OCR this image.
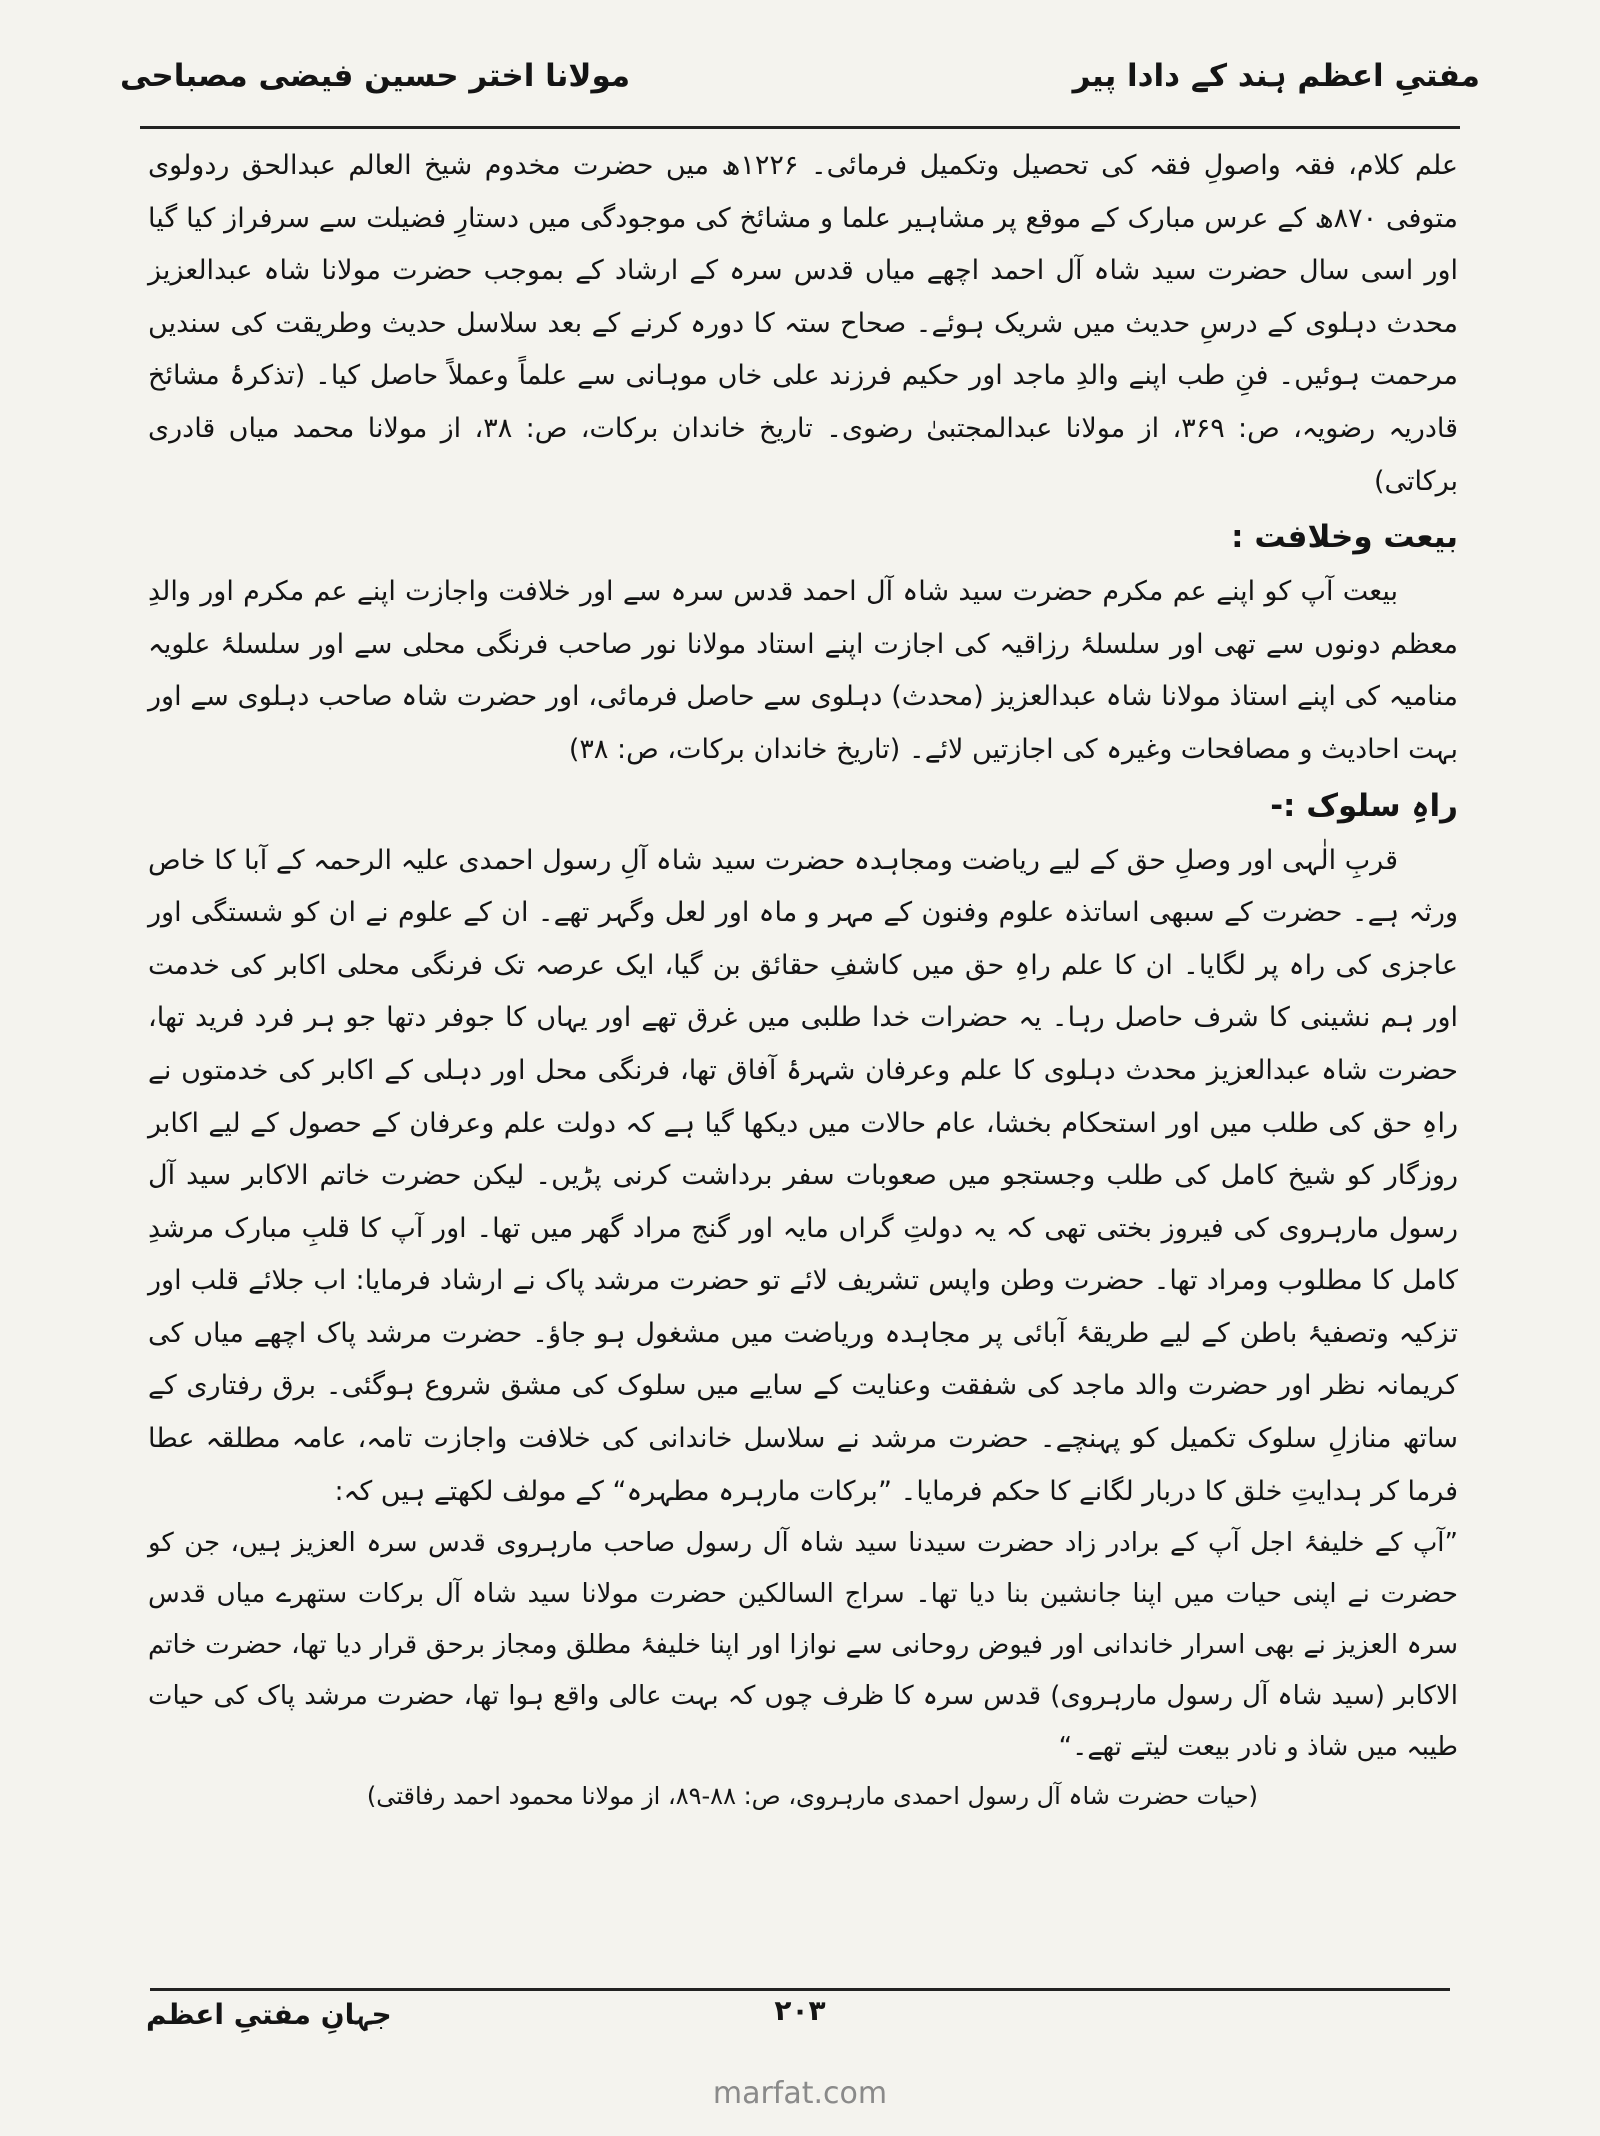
مولانا اختر حسین فیضی مصباحی	مفتیِ اعظم ہند کے دادا پیر

علم کلام، فقہ واصولِ فقہ کی تحصیل وتکمیل فرمائی۔ ۱۲۲۶ھ میں حضرت مخدوم شیخ العالم عبدالحق ردولوی متوفی ۸۷۰ھ کے عرس مبارک کے موقع پر مشاہیر علما و مشائخ کی موجودگی میں دستارِ فضیلت سے سرفراز کیا گیا اور اسی سال حضرت سید شاہ آل احمد اچھے میاں قدس سرہ کے ارشاد کے بموجب حضرت مولانا شاہ عبدالعزیز محدث دہلوی کے درسِ حدیث میں شریک ہوئے۔ صحاح ستہ کا دورہ کرنے کے بعد سلاسل حدیث وطریقت کی سندیں مرحمت ہوئیں۔ فنِ طب اپنے والدِ ماجد اور حکیم فرزند علی خاں موہانی سے علماً وعملاً حاصل کیا۔ (تذکرۂ مشائخ قادریہ رضویہ، ص: ۳۶۹، از مولانا عبدالمجتبیٰ رضوی۔ تاریخ خاندان برکات، ص: ۳۸، از مولانا محمد میاں قادری برکاتی)

بیعت وخلافت :

بیعت آپ کو اپنے عم مکرم حضرت سید شاہ آل احمد قدس سرہ سے اور خلافت واجازت اپنے عم مکرم اور والدِ معظم دونوں سے تھی اور سلسلۂ رزاقیہ کی اجازت اپنے استاد مولانا نور صاحب فرنگی محلی سے اور سلسلۂ علویہ منامیہ کی اپنے استاذ مولانا شاہ عبدالعزیز (محدث) دہلوی سے حاصل فرمائی، اور حضرت شاہ صاحب دہلوی سے اور بہت احادیث و مصافحات وغیرہ کی اجازتیں لائے۔ (تاریخ خاندان برکات، ص: ۳۸)

راہِ سلوک :-

قربِ الٰہی اور وصلِ حق کے لیے ریاضت ومجاہدہ حضرت سید شاہ آلِ رسول احمدی علیہ الرحمہ کے آبا کا خاص ورثہ ہے۔ حضرت کے سبھی اساتذہ علوم وفنون کے مہر و ماہ اور لعل وگہر تھے۔ ان کے علوم نے ان کو شستگی اور عاجزی کی راہ پر لگایا۔ ان کا علم راہِ حق میں کاشفِ حقائق بن گیا، ایک عرصہ تک فرنگی محلی اکابر کی خدمت اور ہم نشینی کا شرف حاصل رہا۔ یہ حضرات خدا طلبی میں غرق تھے اور یہاں کا جوفر دتھا جو ہر فرد فرید تھا، حضرت شاہ عبدالعزیز محدث دہلوی کا علم وعرفان شہرۂ آفاق تھا، فرنگی محل اور دہلی کے اکابر کی خدمتوں نے راہِ حق کی طلب میں اور استحکام بخشا، عام حالات میں دیکھا گیا ہے کہ دولت علم وعرفان کے حصول کے لیے اکابر روزگار کو شیخ کامل کی طلب وجستجو میں صعوبات سفر برداشت کرنی پڑیں۔ لیکن حضرت خاتم الاکابر سید آل رسول مارہروی کی فیروز بختی تھی کہ یہ دولتِ گراں مایہ اور گنج مراد گھر میں تھا۔ اور آپ کا قلبِ مبارک مرشدِ کامل کا مطلوب ومراد تھا۔ حضرت وطن واپس تشریف لائے تو حضرت مرشد پاک نے ارشاد فرمایا: اب جلائے قلب اور تزکیہ وتصفیۂ باطن کے لیے طریقۂ آبائی پر مجاہدہ وریاضت میں مشغول ہو جاؤ۔ حضرت مرشد پاک اچھے میاں کی کریمانہ نظر اور حضرت والد ماجد کی شفقت وعنایت کے سایے میں سلوک کی مشق شروع ہوگئی۔ برق رفتاری کے ساتھ منازلِ سلوک تکمیل کو پہنچے۔ حضرت مرشد نے سلاسل خاندانی کی خلافت واجازت تامہ، عامہ مطلقہ عطا فرما کر ہدایتِ خلق کا دربار لگانے کا حکم فرمایا۔ ”برکات مارہرہ مطہرہ“ کے مولف لکھتے ہیں کہ:

”آپ کے خلیفۂ اجل آپ کے برادر زاد حضرت سیدنا سید شاہ آل رسول صاحب مارہروی قدس سرہ العزیز ہیں، جن کو حضرت نے اپنی حیات میں اپنا جانشین بنا دیا تھا۔ سراج السالکین حضرت مولانا سید شاہ آل برکات ستھرے میاں قدس سرہ العزیز نے بھی اسرار خاندانی اور فیوض روحانی سے نوازا اور اپنا خلیفۂ مطلق ومجاز برحق قرار دیا تھا، حضرت خاتم الاکابر (سید شاہ آل رسول مارہروی) قدس سرہ کا ظرف چوں کہ بہت عالی واقع ہوا تھا، حضرت مرشد پاک کی حیات طیبہ میں شاذ و نادر بیعت لیتے تھے۔“

(حیات حضرت شاہ آل رسول احمدی مارہروی، ص: ۸۸-۸۹، از مولانا محمود احمد رفاقتی)

جہانِ مفتیِ اعظم	۲۰۳
marfat.com
